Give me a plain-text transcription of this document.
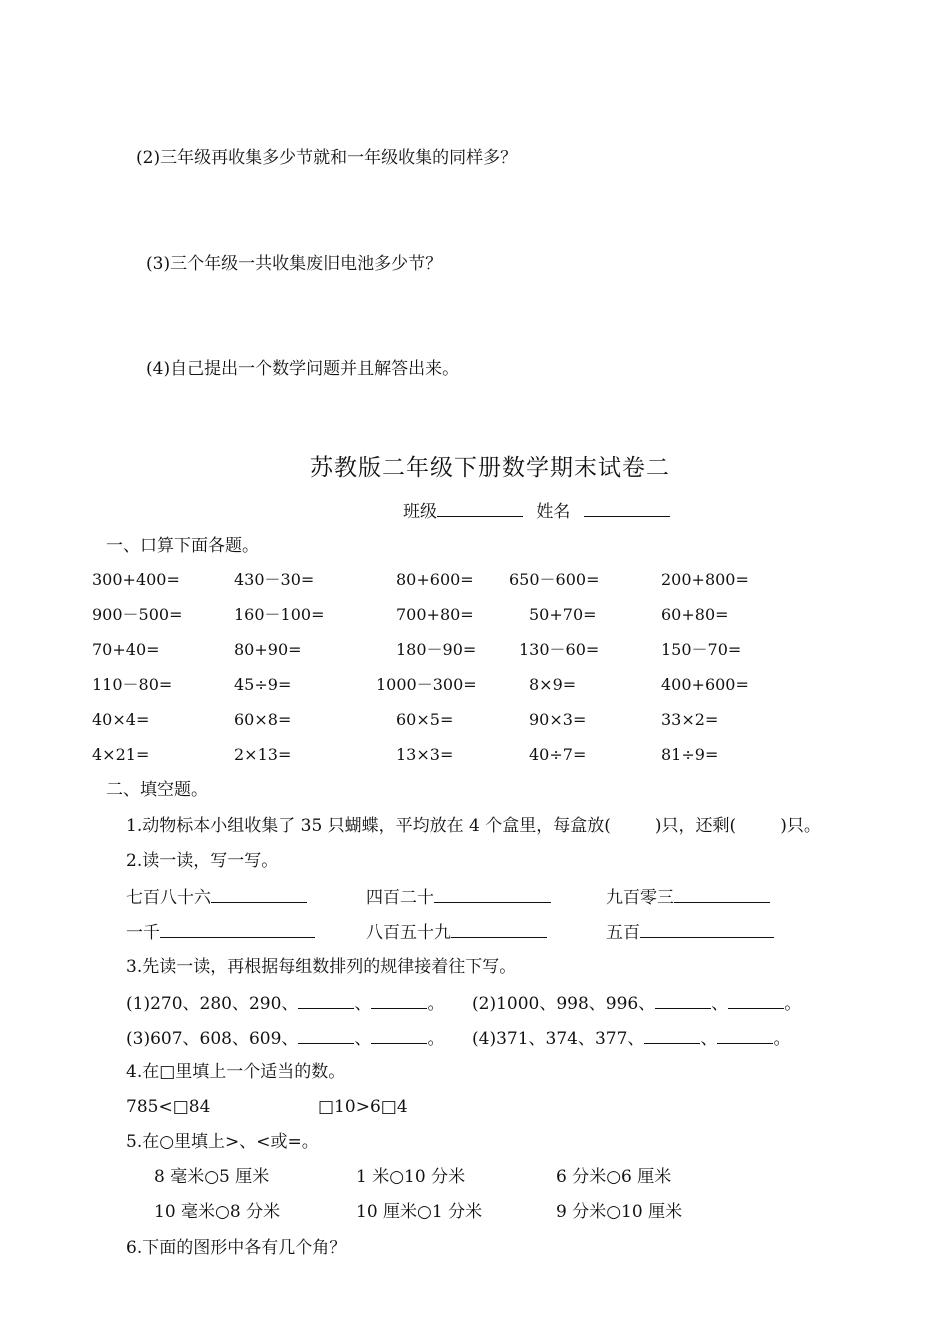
(2)三年级再收集多少节就和一年级收集的同样多？
(3)三个年级一共收集废旧电池多少节？
(4)自己提出一个数学问题并且解答出来。
苏教版二年级下册数学期末试卷二
班级	姓名
一、口算下面各题。
300+400=	430－30=	80+600= 650－600=	200+800=
900－500=	160－100=	700+80=	50+70=	60+80=
70+40=	80+90=	180－90=	130－60=	150－70=
110－80=	45÷9=	1000－300=	8×9=	400+600=
40×4=	60×8=	60×5=	90×3=	33×2=
4×21=	2×13=	13×3=	40÷7=	81÷9=
二、填空题。
1.动物标本小组收集了 35 只蝴蝶，平均放在 4 个盒里，每盒放(	)只，还剩(	)只。
2.读一读，写一写。
七百八十六	四百二十	九百零三
一千	八百五十九	五百
3.先读一读，再根据每组数排列的规律接着往下写。
(1)270、280、290、	、	。 (2)1000、998、996、	、	。
(3)607、608、609、	、	。 (4)371、374、377、	、	。
4.在□里填上一个适当的数。
785<□84	□10>6□4
5.在○里填上>、<或=。
8 毫米○5 厘米	1 米○10 分米	6 分米○6 厘米
10 毫米○8 分米	10 厘米○1 分米	9 分米○10 厘米
6.下面的图形中各有几个角？
